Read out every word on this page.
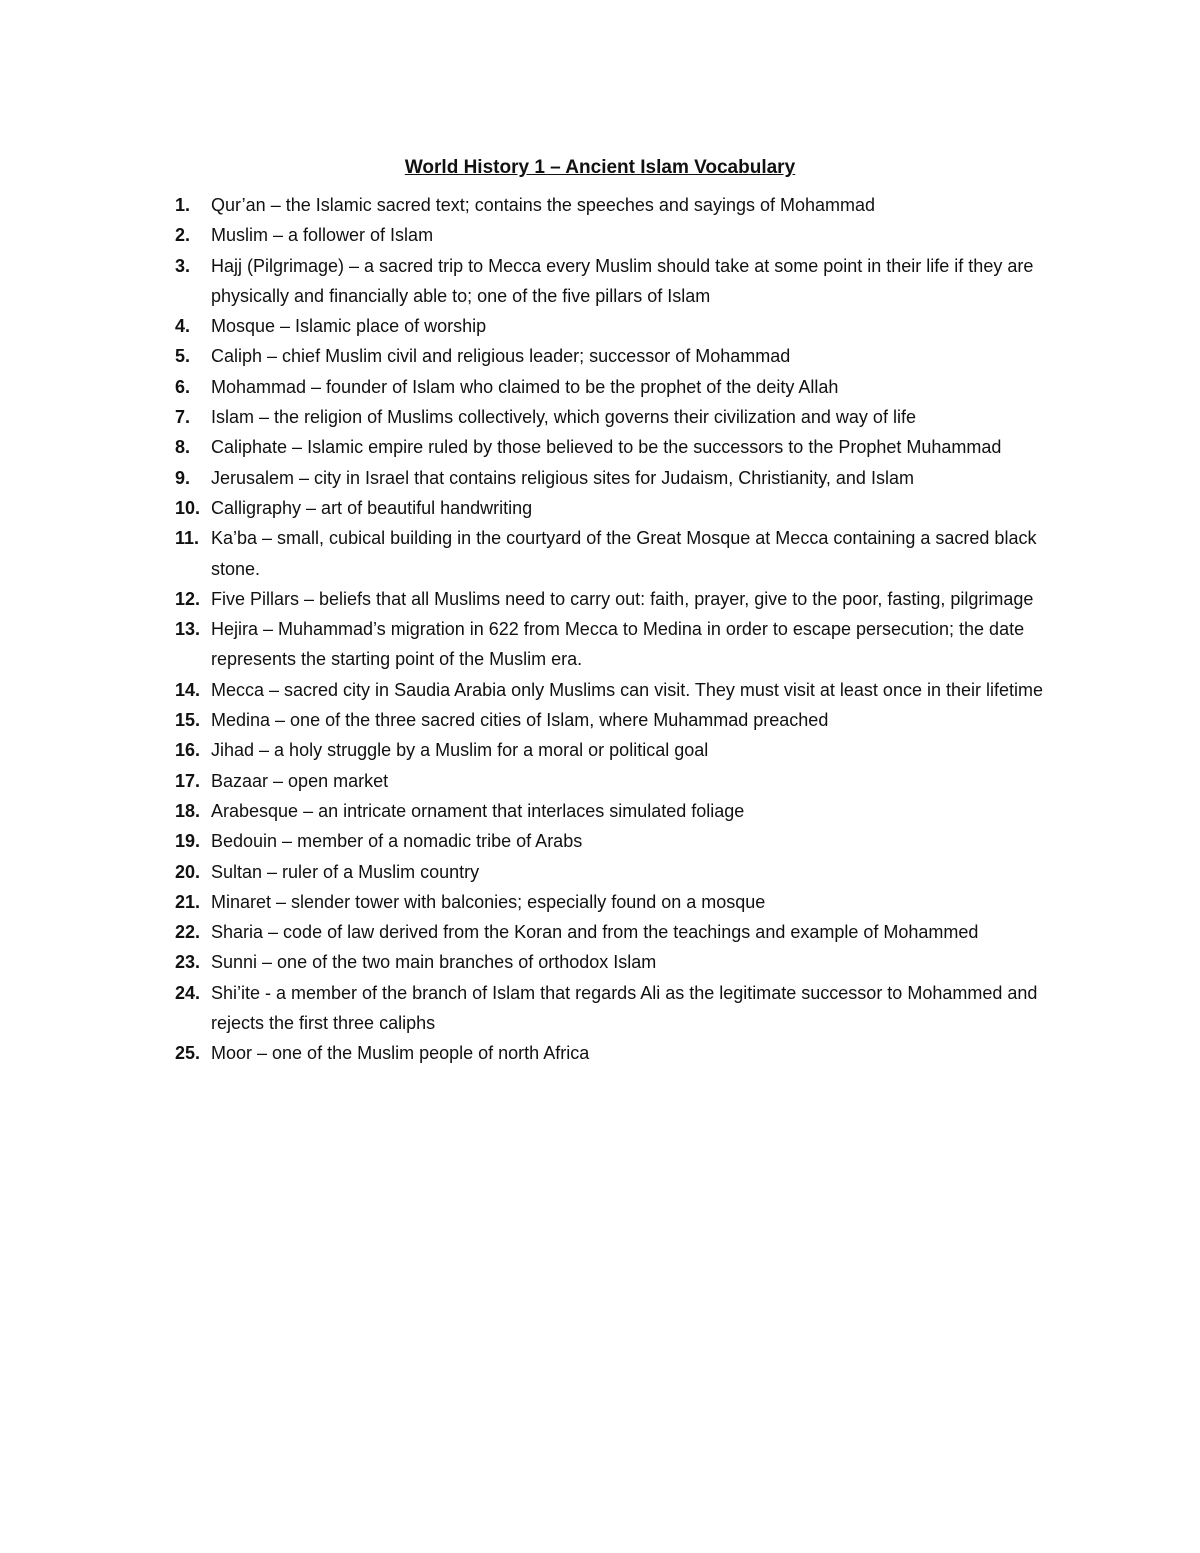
World History 1 – Ancient Islam Vocabulary
1. Qur’an – the Islamic sacred text; contains the speeches and sayings of Mohammad
2. Muslim – a follower of Islam
3. Hajj (Pilgrimage) – a sacred trip to Mecca every Muslim should take at some point in their life if they are physically and financially able to; one of the five pillars of Islam
4. Mosque – Islamic place of worship
5. Caliph – chief Muslim civil and religious leader; successor of Mohammad
6. Mohammad – founder of Islam who claimed to be the prophet of the deity Allah
7. Islam – the religion of Muslims collectively, which governs their civilization and way of life
8. Caliphate – Islamic empire ruled by those believed to be the successors to the Prophet Muhammad
9. Jerusalem – city in Israel that contains religious sites for Judaism, Christianity, and Islam
10. Calligraphy – art of beautiful handwriting
11. Ka’ba – small, cubical building in the courtyard of the Great Mosque at Mecca containing a sacred black stone.
12. Five Pillars – beliefs that all Muslims need to carry out: faith, prayer, give to the poor, fasting, pilgrimage
13. Hejira – Muhammad’s migration in 622 from Mecca to Medina in order to escape persecution; the date represents the starting point of the Muslim era.
14. Mecca – sacred city in Saudia Arabia only Muslims can visit. They must visit at least once in their lifetime
15. Medina – one of the three sacred cities of Islam, where Muhammad preached
16. Jihad – a holy struggle by a Muslim for a moral or political goal
17. Bazaar – open market
18. Arabesque – an intricate ornament that interlaces simulated foliage
19. Bedouin – member of a nomadic tribe of Arabs
20. Sultan – ruler of a Muslim country
21. Minaret – slender tower with balconies; especially found on a mosque
22. Sharia – code of law derived from the Koran and from the teachings and example of Mohammed
23. Sunni – one of the two main branches of orthodox Islam
24. Shi’ite - a member of the branch of Islam that regards Ali as the legitimate successor to Mohammed and rejects the first three caliphs
25. Moor – one of the Muslim people of north Africa
